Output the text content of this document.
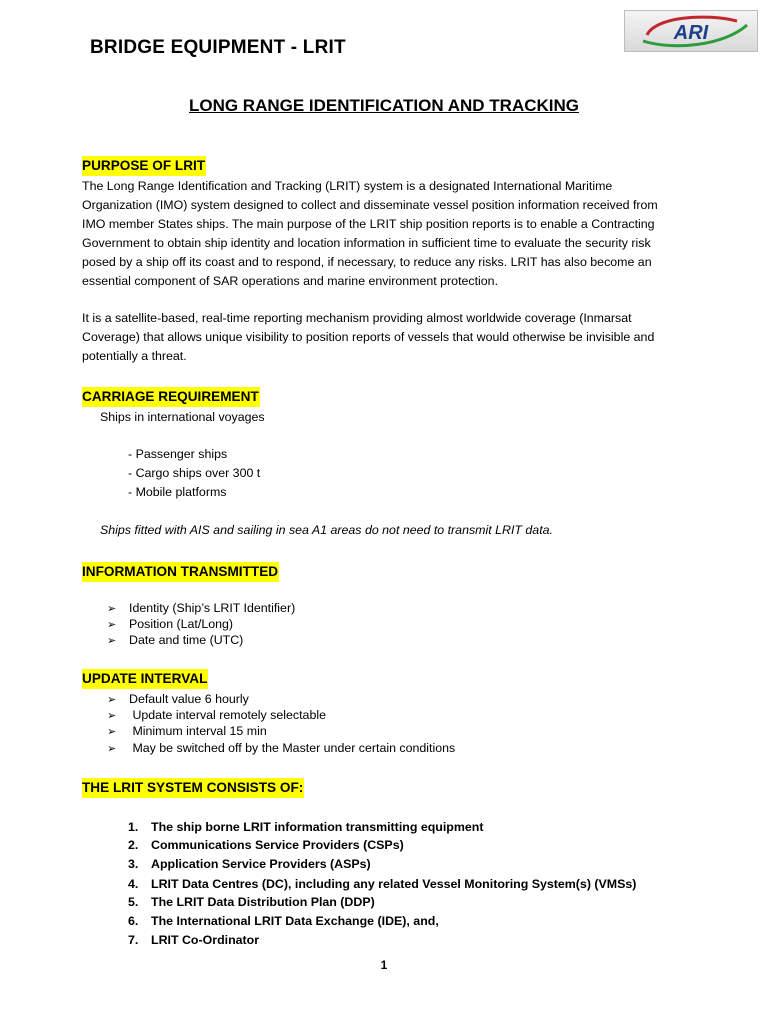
ARI
BRIDGE EQUIPMENT - LRIT
LONG RANGE IDENTIFICATION AND TRACKING
PURPOSE OF LRIT

The Long Range Identification and Tracking (LRIT) system is a designated International Maritime Organization (IMO) system designed to collect and disseminate vessel position information received from IMO member States ships. The main purpose of the LRIT ship position reports is to enable a Contracting Government to obtain ship identity and location information in sufficient time to evaluate the security risk posed by a ship off its coast and to respond, if necessary, to reduce any risks. LRIT has also become an essential component of SAR operations and marine environment protection.

It is a satellite-based, real-time reporting mechanism providing almost worldwide coverage (Inmarsat Coverage) that allows unique visibility to position reports of vessels that would otherwise be invisible and potentially a threat.

CARRIAGE REQUIREMENT
Ships in international voyages
- Passenger ships
- Cargo ships over 300 t
- Mobile platforms
Ships fitted with AIS and sailing in sea A1 areas do not need to transmit LRIT data.
INFORMATION TRANSMITTED
➢ Identity (Ship’s LRIT Identifier)
➢ Position (Lat/Long)
➢ Date and time (UTC)
UPDATE INTERVAL
➢ Default value 6 hourly
➢ Update interval remotely selectable
➢ Minimum interval 15 min
➢ May be switched off by the Master under certain conditions
THE LRIT SYSTEM CONSISTS OF:
1. The ship borne LRIT information transmitting equipment
2. Communications Service Providers (CSPs)
3. Application Service Providers (ASPs)
4. LRIT Data Centres (DC), including any related Vessel Monitoring System(s) (VMSs)
5. The LRIT Data Distribution Plan (DDP)
6. The International LRIT Data Exchange (IDE), and,
7. LRIT Co-Ordinator
1
